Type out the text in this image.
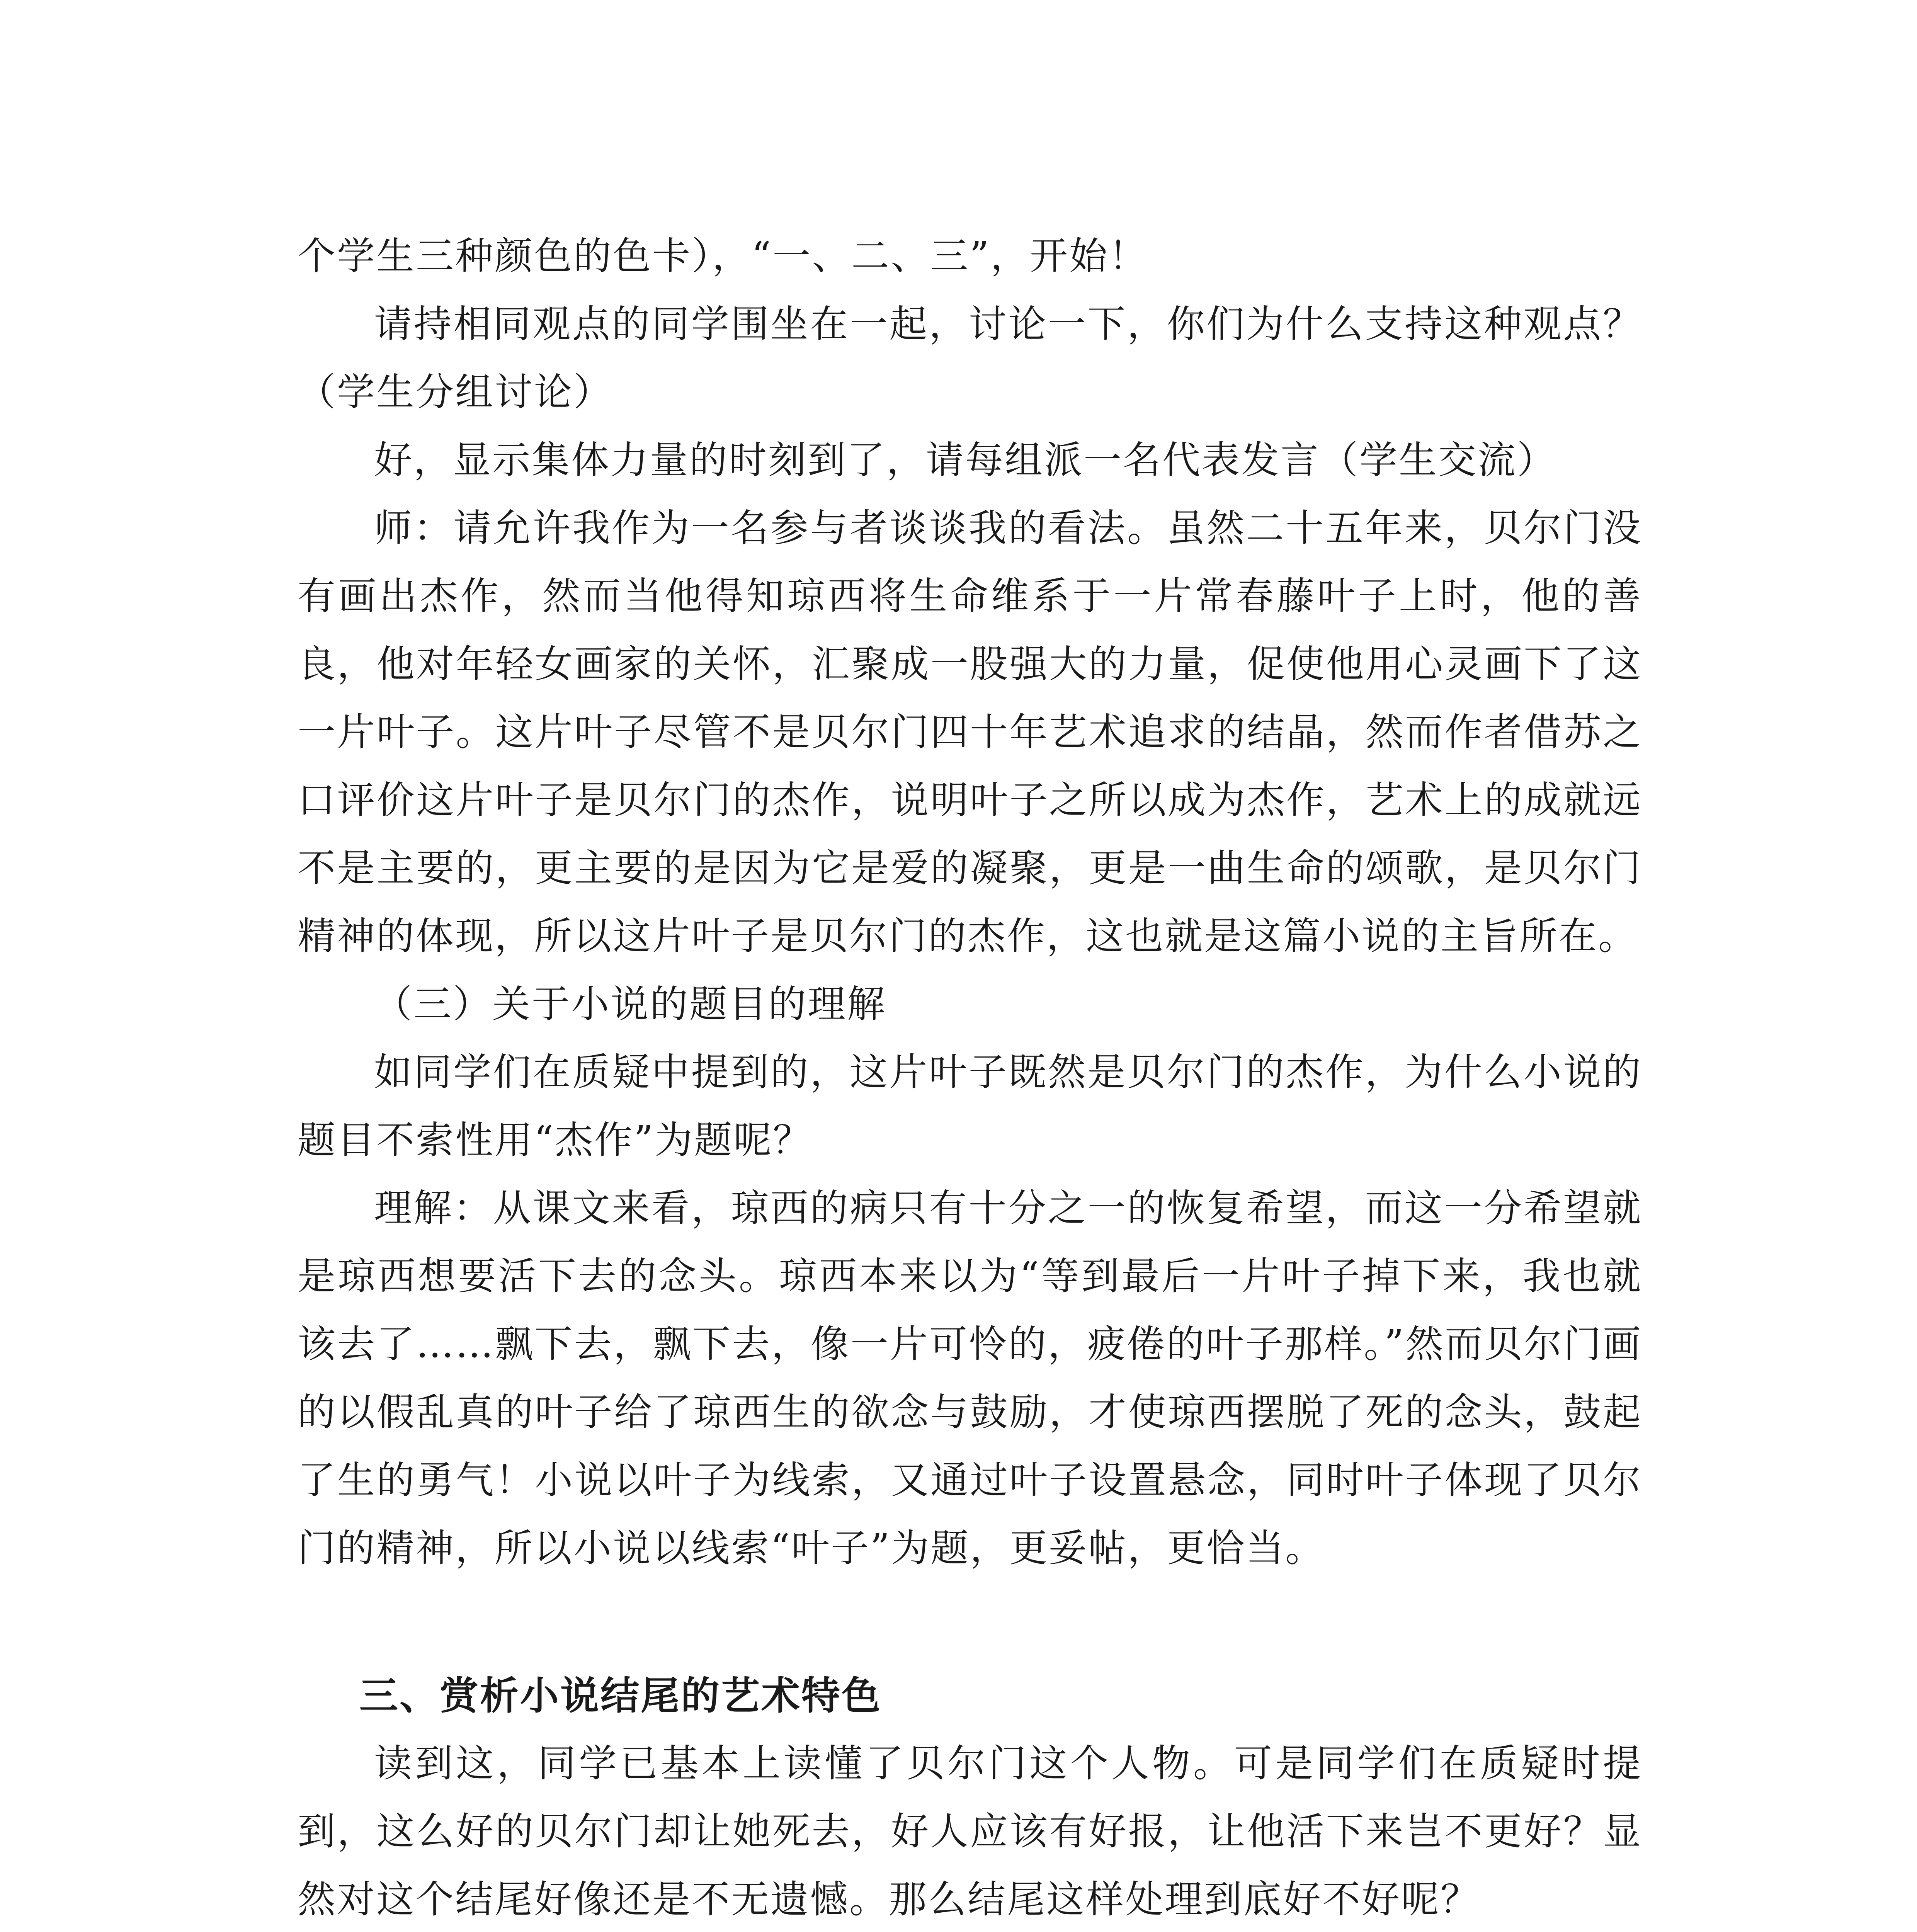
个学生三种颜色的色卡），“一、二、三”，开始！

请持相同观点的同学围坐在一起，讨论一下，你们为什么支持这种观点？（学生分组讨论）

好，显示集体力量的时刻到了，请每组派一名代表发言（学生交流）

师：请允许我作为一名参与者谈谈我的看法。虽然二十五年来，贝尔门没有画出杰作，然而当他得知琼西将生命维系于一片常春藤叶子上时，他的善良，他对年轻女画家的关怀，汇聚成一股强大的力量，促使他用心灵画下了这一片叶子。这片叶子尽管不是贝尔门四十年艺术追求的结晶，然而作者借苏之口评价这片叶子是贝尔门的杰作，说明叶子之所以成为杰作，艺术上的成就远不是主要的，更主要的是因为它是爱的凝聚，更是一曲生命的颂歌，是贝尔门精神的体现，所以这片叶子是贝尔门的杰作，这也就是这篇小说的主旨所在。

（三）关于小说的题目的理解

如同学们在质疑中提到的，这片叶子既然是贝尔门的杰作，为什么小说的题目不索性用“杰作”为题呢？

理解：从课文来看，琼西的病只有十分之一的恢复希望，而这一分希望就是琼西想要活下去的念头。琼西本来以为“等到最后一片叶子掉下来，我也就该去了……飘下去，飘下去，像一片可怜的，疲倦的叶子那样。”然而贝尔门画的以假乱真的叶子给了琼西生的欲念与鼓励，才使琼西摆脱了死的念头，鼓起了生的勇气！小说以叶子为线索，又通过叶子设置悬念，同时叶子体现了贝尔门的精神，所以小说以线索“叶子”为题，更妥帖，更恰当。

三、赏析小说结尾的艺术特色

读到这，同学已基本上读懂了贝尔门这个人物。可是同学们在质疑时提到，这么好的贝尔门却让她死去，好人应该有好报，让他活下来岂不更好？显然对这个结尾好像还是不无遗憾。那么结尾这样处理到底好不好呢？
